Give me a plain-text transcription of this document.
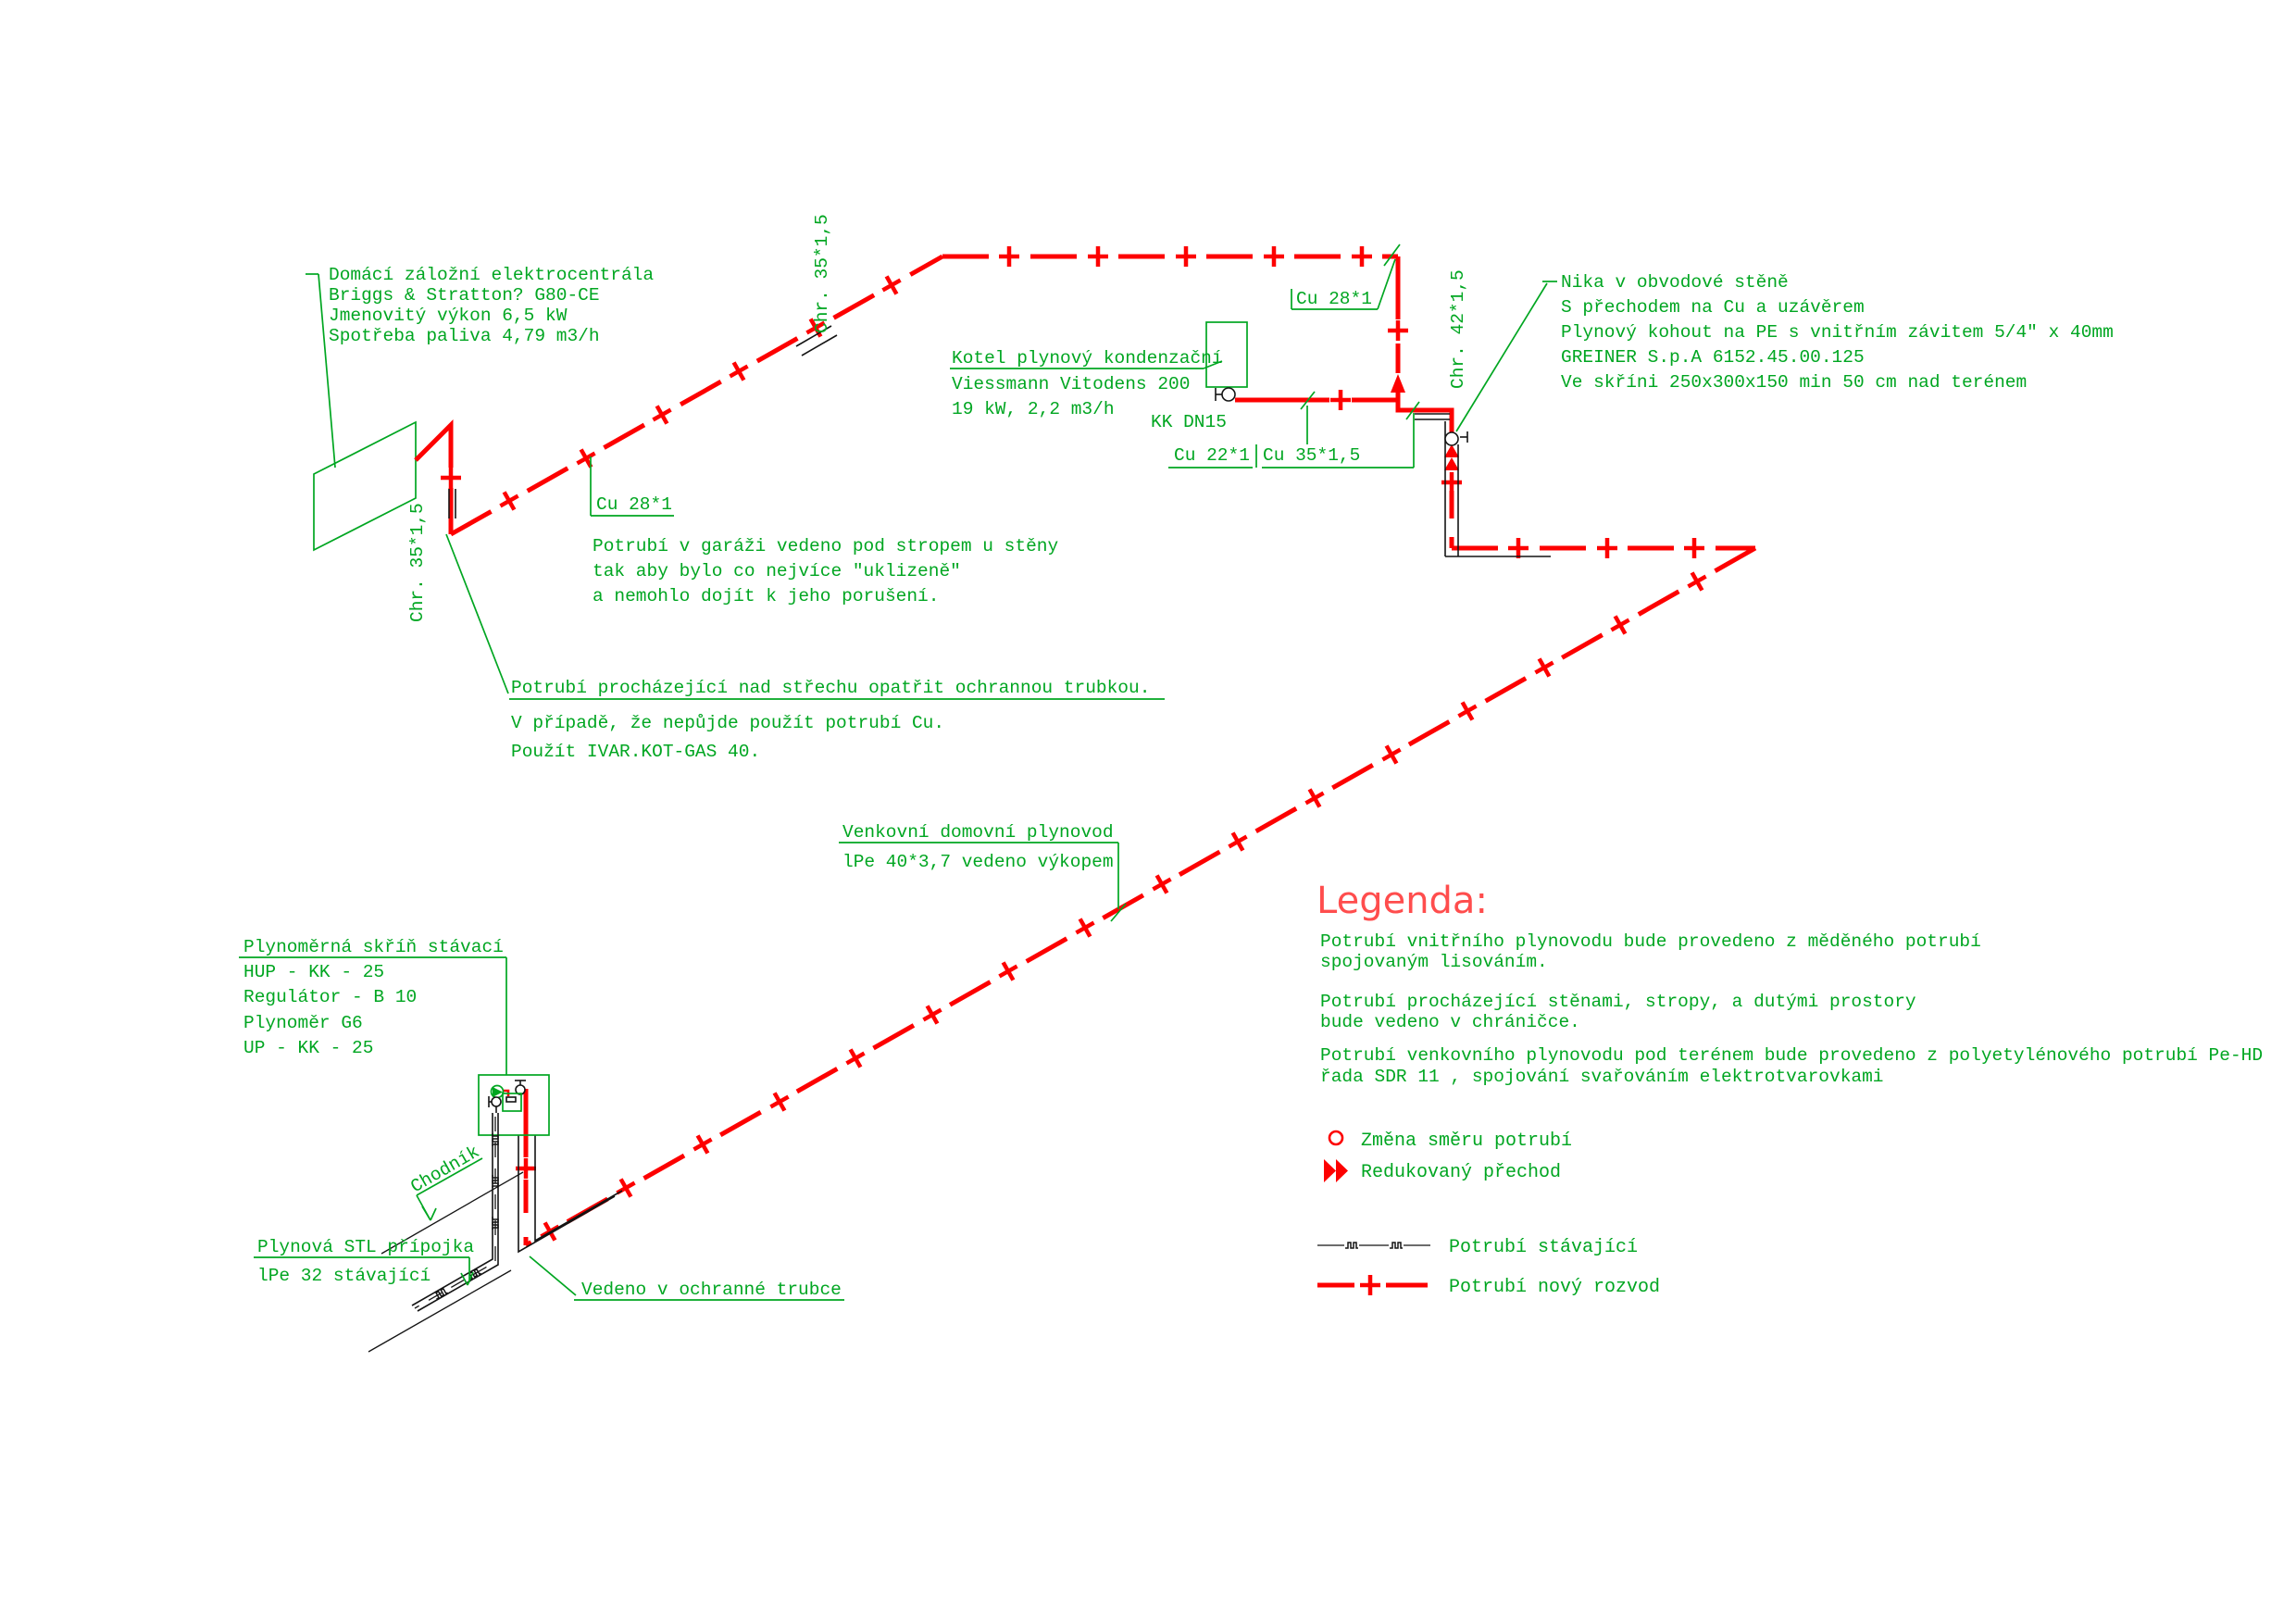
Domácí záložní elektrocentrála
Briggs & Stratton? G80-CE
Jmenovitý výkon 6,5 kW
Spotřeba paliva 4,79 m3/h
Kotel plynový kondenzační
Viessmann Vitodens 200
19 kW, 2,2 m3/h
KK DN15
Chr. 35*1,5
Chr. 35*1,5	Chr. 42*1,5
Cu 28*1
Cu 28*1
Cu 22*1 Cu 35*1,5
Potrubí v garáži vedeno pod stropem u stěny
tak aby bylo co nejvíce "uklizeně"
a nemohlo dojít k jeho porušení.
Potrubí procházející nad střechu opatřit ochrannou trubkou.
V případě, že nepůjde použít potrubí Cu.
Použít IVAR.KOT-GAS 40.
Nika v obvodové stěně
S přechodem na Cu a uzávěrem
Plynový kohout na PE s vnitřním závitem 5/4" x 40mm
GREINER S.p.A 6152.45.00.125
Ve skříni 250x300x150 min 50 cm nad terénem
Venkovní domovní plynovod
lPe 40*3,7 vedeno výkopem
Plynoměrná skříň stávací
HUP - KK - 25
Regulátor - B 10
Plynoměr G6
UP - KK - 25
Chodník
Plynová STL přípojka
lPe 32 stávající
Vedeno v ochranné trubce
Legenda:
Potrubí vnitřního plynovodu bude provedeno z měděného potrubí
spojovaným lisováním.
Potrubí procházející stěnami, stropy, a dutými prostory
bude vedeno v chráničce.
Potrubí venkovního plynovodu pod terénem bude provedeno z polyetylénového potrubí Pe-HD
řada SDR 11 , spojování svařováním elektrotvarovkami
Změna směru potrubí
Redukovaný přechod
Potrubí stávající
Potrubí nový rozvod
